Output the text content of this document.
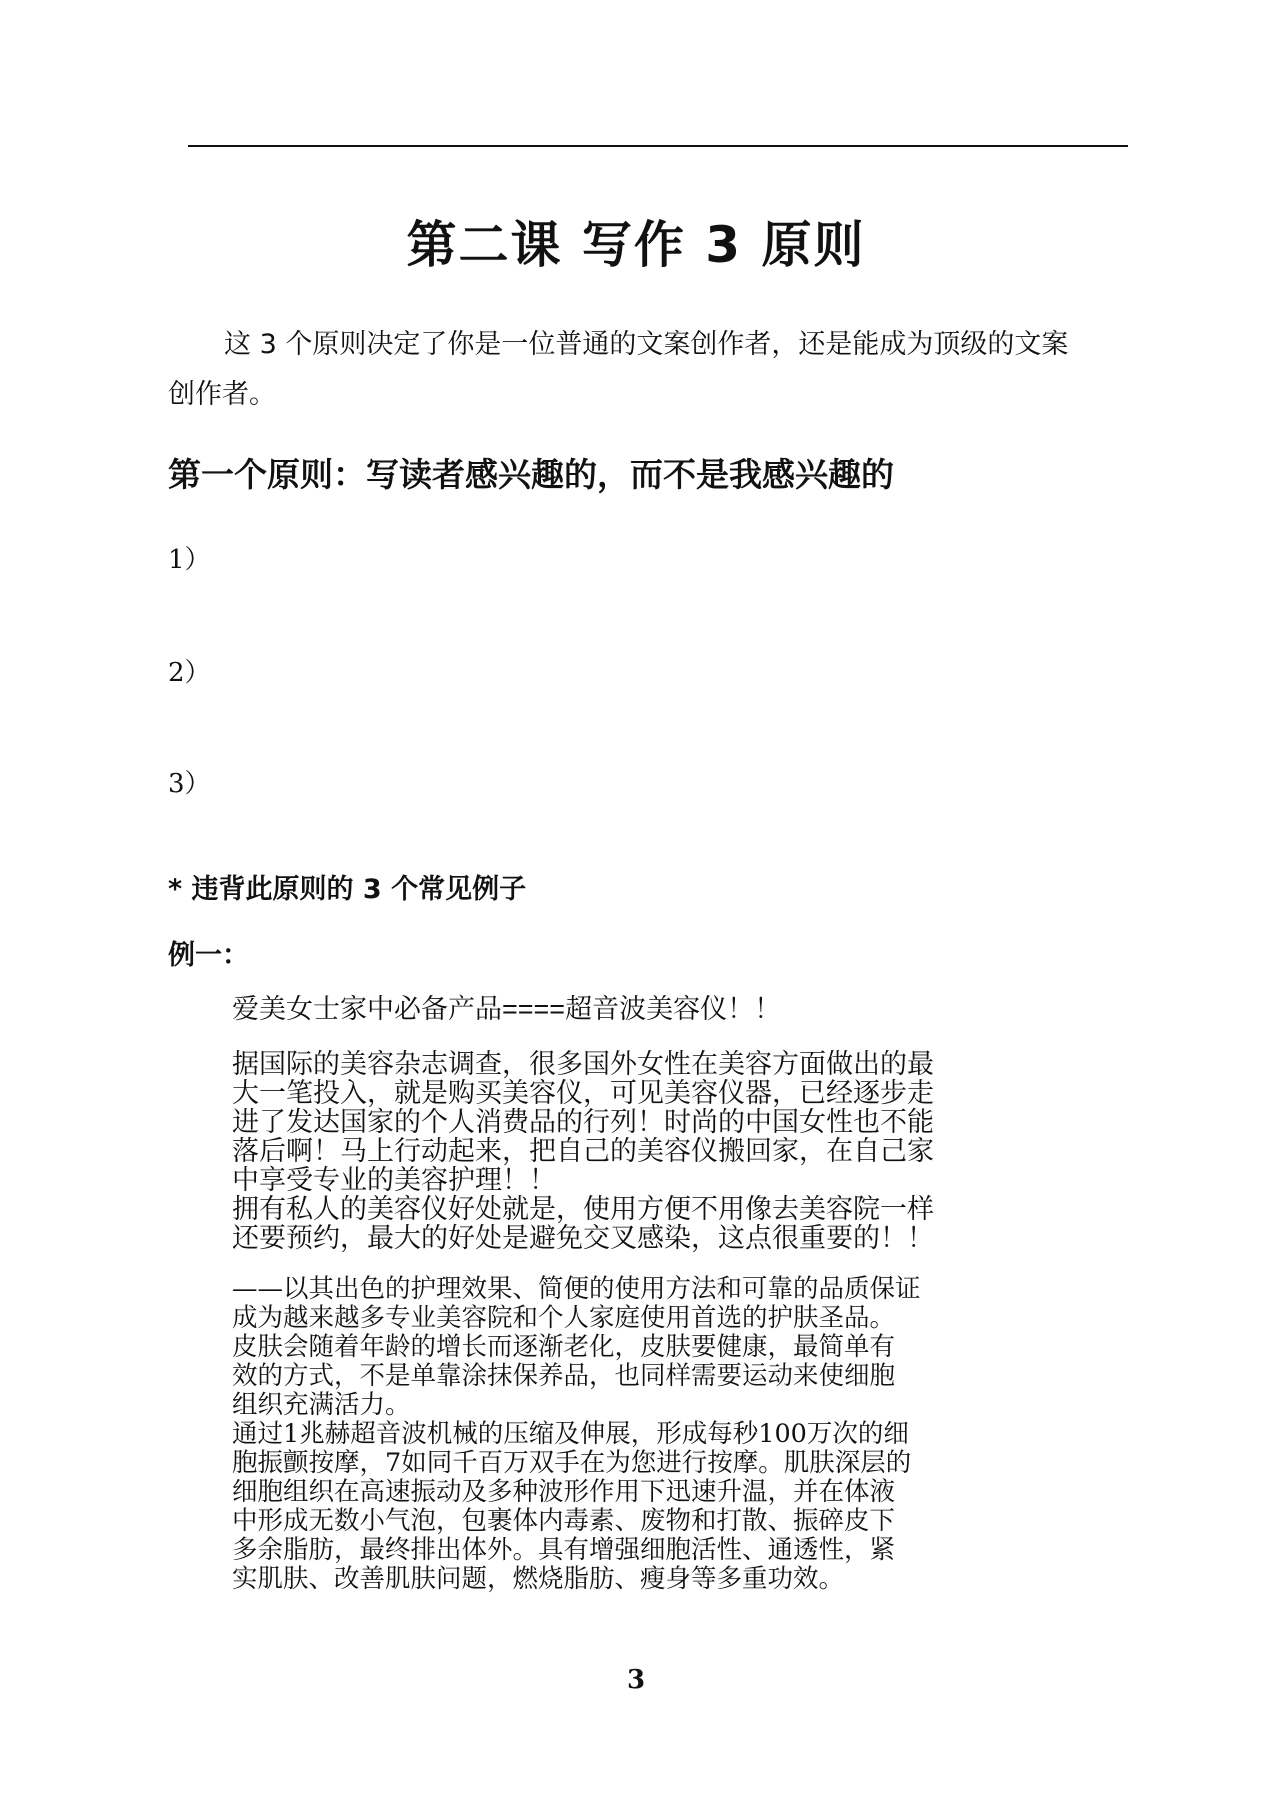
第二课 写作 3 原则
这 3 个原则决定了你是一位普通的文案创作者，还是能成为顶级的文案
创作者。
第一个原则：写读者感兴趣的，而不是我感兴趣的
1）
2）
3）
* 违背此原则的 3 个常见例子
例一：

爱美女士家中必备产品====超音波美容仪！！

据国际的美容杂志调查，很多国外女性在美容方面做出的最
大一笔投入，就是购买美容仪，可见美容仪器，已经逐步走
进了发达国家的个人消费品的行列！时尚的中国女性也不能
落后啊！马上行动起来，把自己的美容仪搬回家，在自己家
中享受专业的美容护理！！
拥有私人的美容仪好处就是，使用方便不用像去美容院一样
还要预约，最大的好处是避免交叉感染，这点很重要的！！

——以其出色的护理效果、简便的使用方法和可靠的品质保证
成为越来越多专业美容院和个人家庭使用首选的护肤圣品。
皮肤会随着年龄的增长而逐渐老化，皮肤要健康，最简单有
效的方式，不是单靠涂抹保养品，也同样需要运动来使细胞
组织充满活力。
通过1兆赫超音波机械的压缩及伸展，形成每秒100万次的细
胞振颤按摩，7如同千百万双手在为您进行按摩。肌肤深层的
细胞组织在高速振动及多种波形作用下迅速升温，并在体液
中形成无数小气泡，包裹体内毒素、废物和打散、振碎皮下
多余脂肪，最终排出体外。具有增强细胞活性、通透性，紧
实肌肤、改善肌肤问题，燃烧脂肪、瘦身等多重功效。

3
